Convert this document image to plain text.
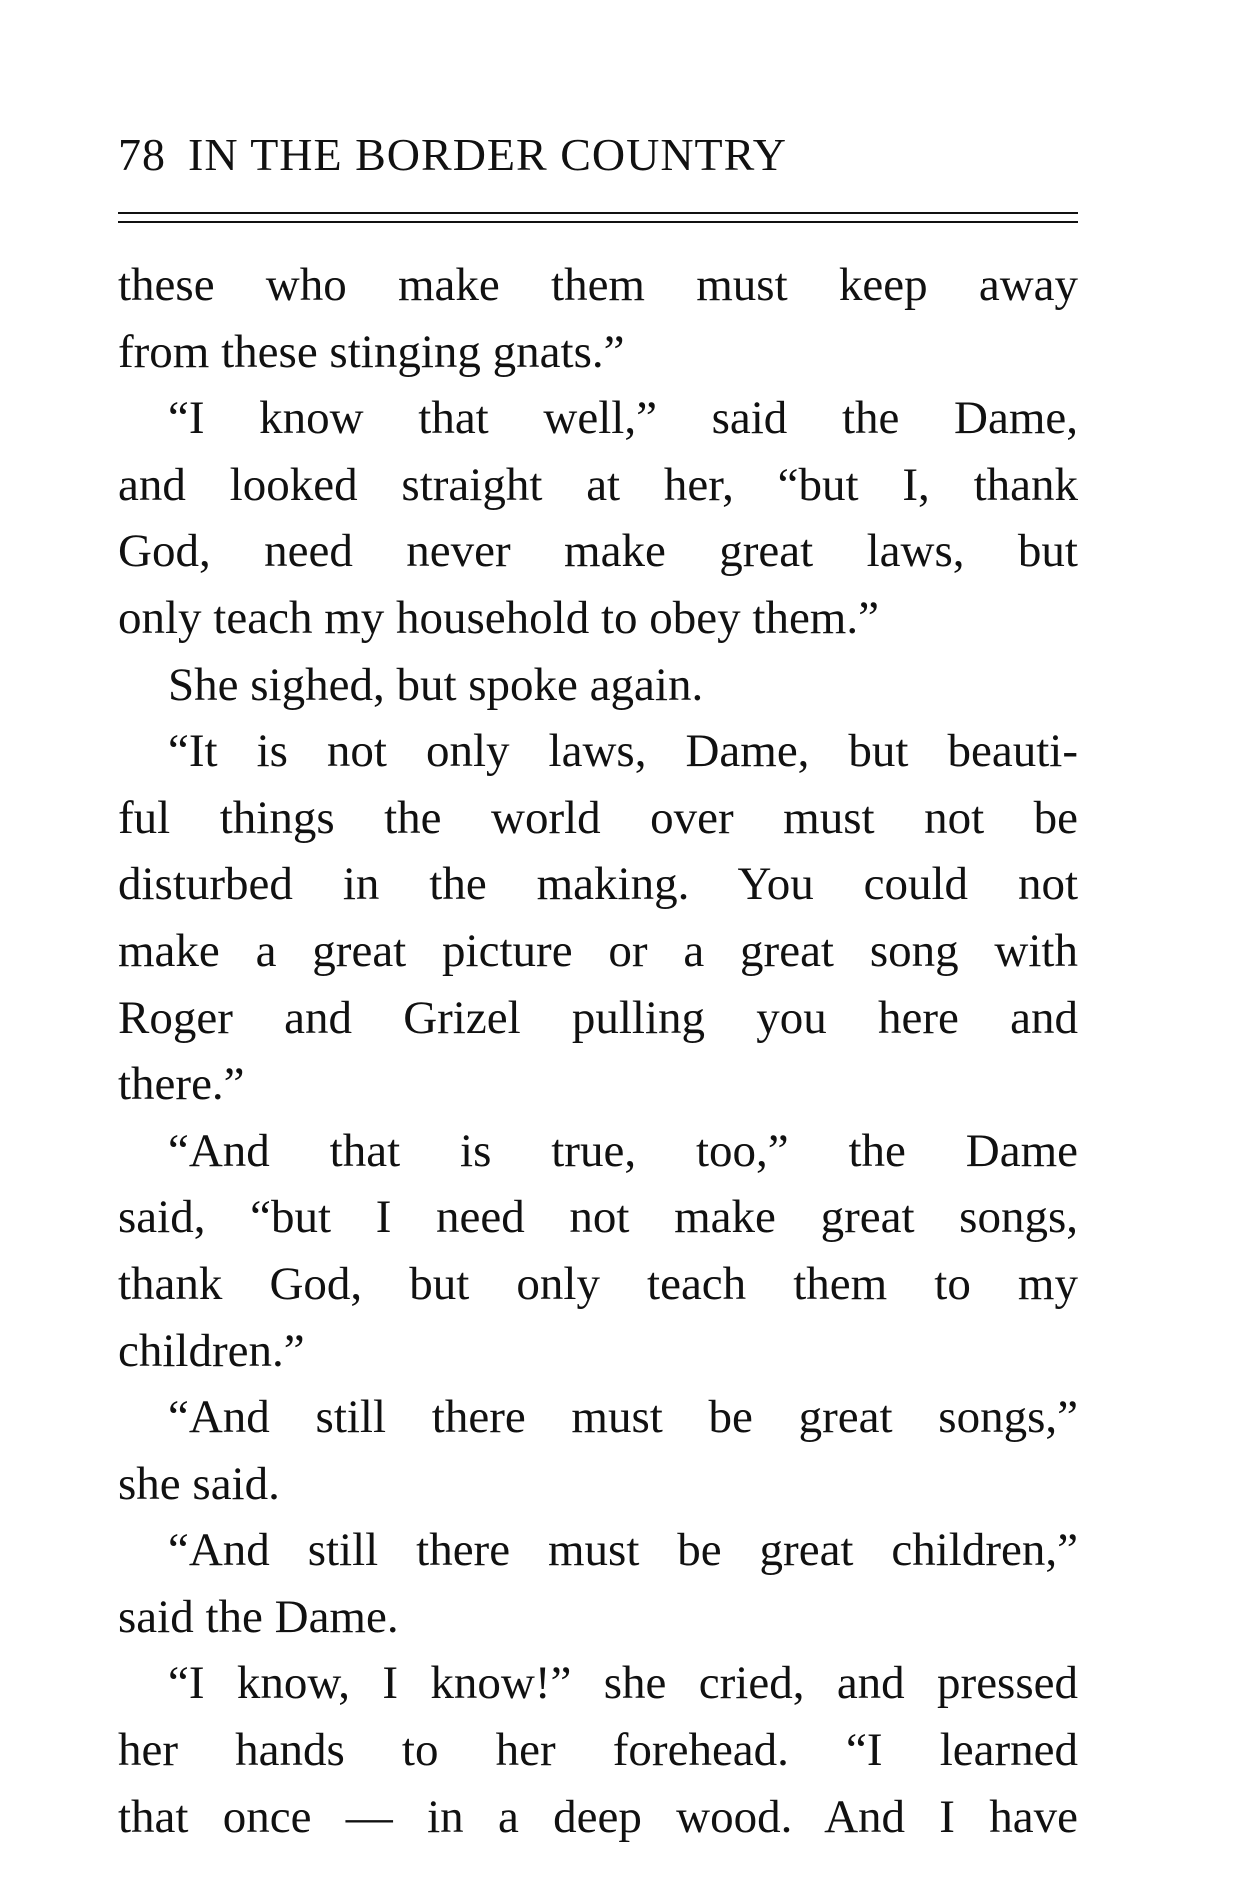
78 IN THE BORDER COUNTRY
these who make them must keep away
from these stinging gnats.”
“I know that well,” said the Dame,
and looked straight at her, “but I, thank
God, need never make great laws, but
only teach my household to obey them.”
She sighed, but spoke again.
“It is not only laws, Dame, but beauti-
ful things the world over must not be
disturbed in the making. You could not
make a great picture or a great song with
Roger and Grizel pulling you here and
there.”
“And that is true, too,” the Dame
said, “but I need not make great songs,
thank God, but only teach them to my
children.”
“And still there must be great songs,”
she said.
“And still there must be great children,”
said the Dame.
“I know, I know!” she cried, and pressed
her hands to her forehead. “I learned
that once — in a deep wood. And I have
